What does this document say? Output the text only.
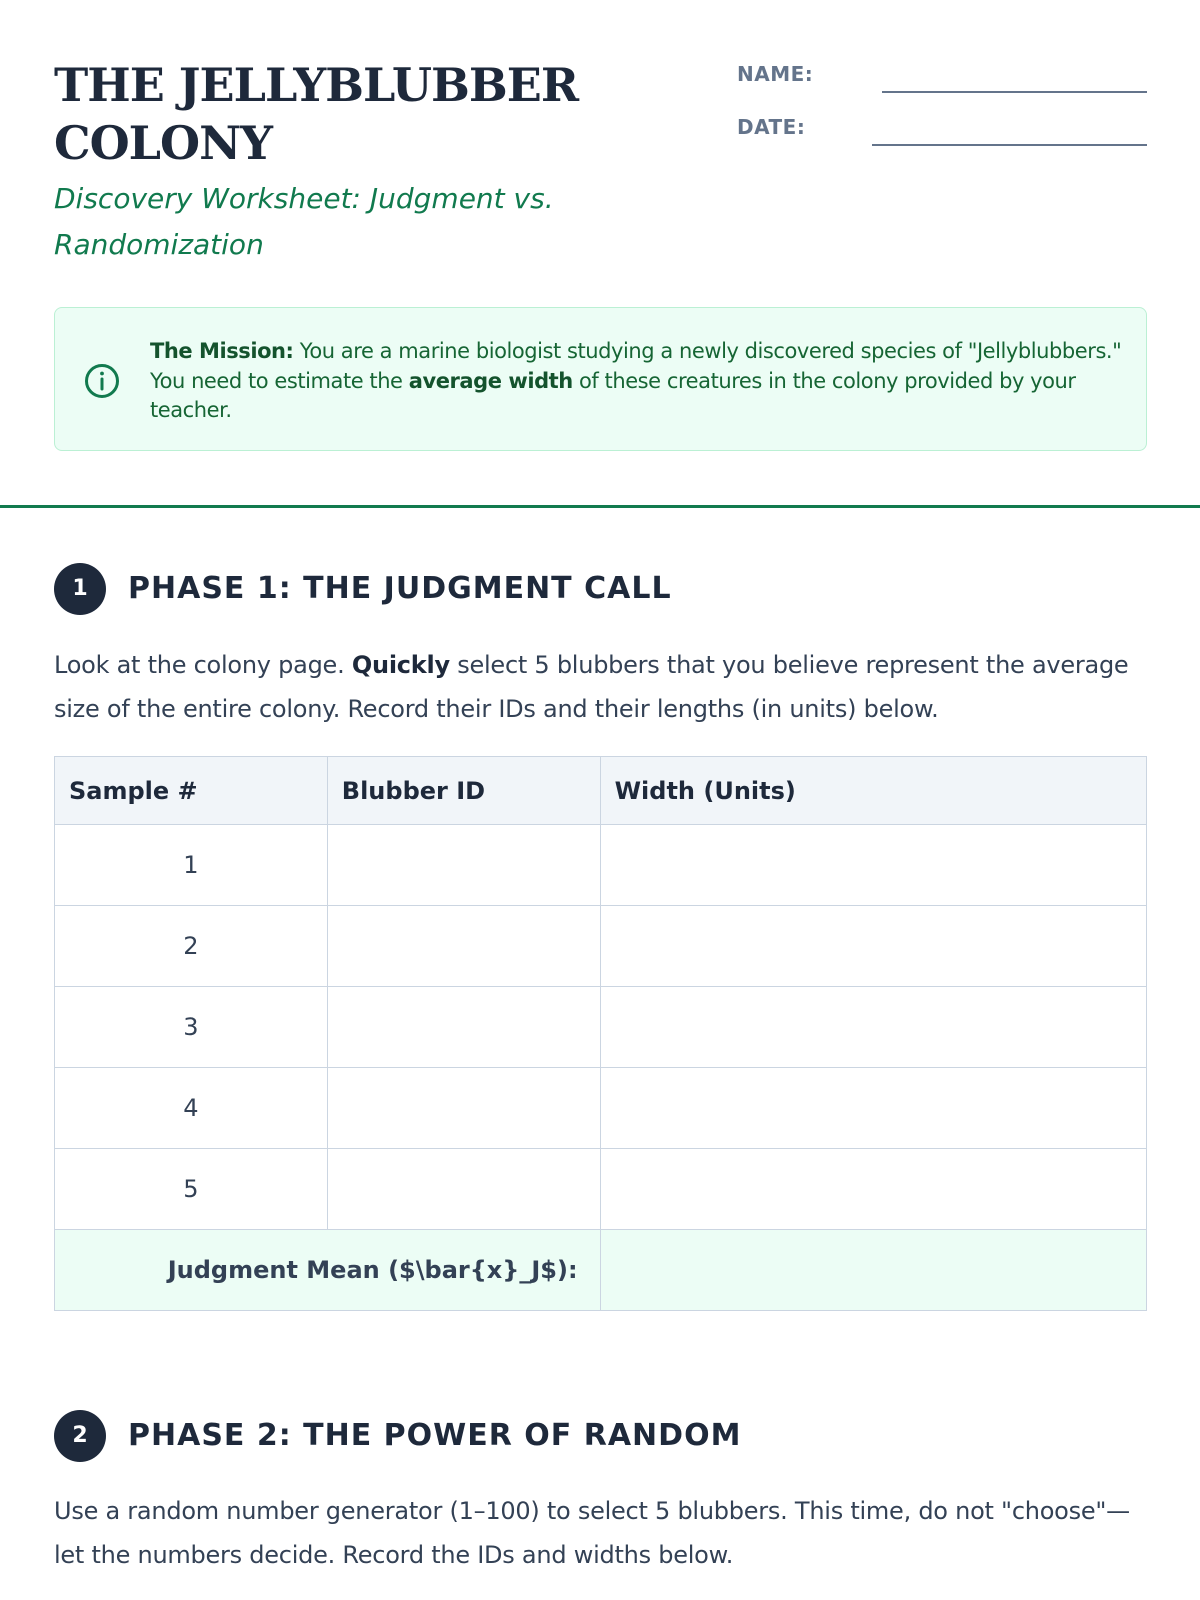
THE JELLYBLUBBER
COLONY
Discovery Worksheet: Judgment vs.
Randomization
NAME:
DATE:

The Mission: You are a marine biologist studying a newly discovered species of "Jellyblubbers." You need to estimate the average width of these creatures in the colony provided by your teacher.

1	PHASE 1: THE JUDGMENT CALL

Look at the colony page. Quickly select 5 blubbers that you believe represent the average size of the entire colony. Record their IDs and their lengths (in units) below.

Sample #	Blubber ID	Width (Units)
1		
2		
3		
4		
5		
Judgment Mean ($\bar{x}_J$):		
2	PHASE 2: THE POWER OF RANDOM

Use a random number generator (1–100) to select 5 blubbers. This time, do not "choose"—let the numbers decide. Record the IDs and widths below.
